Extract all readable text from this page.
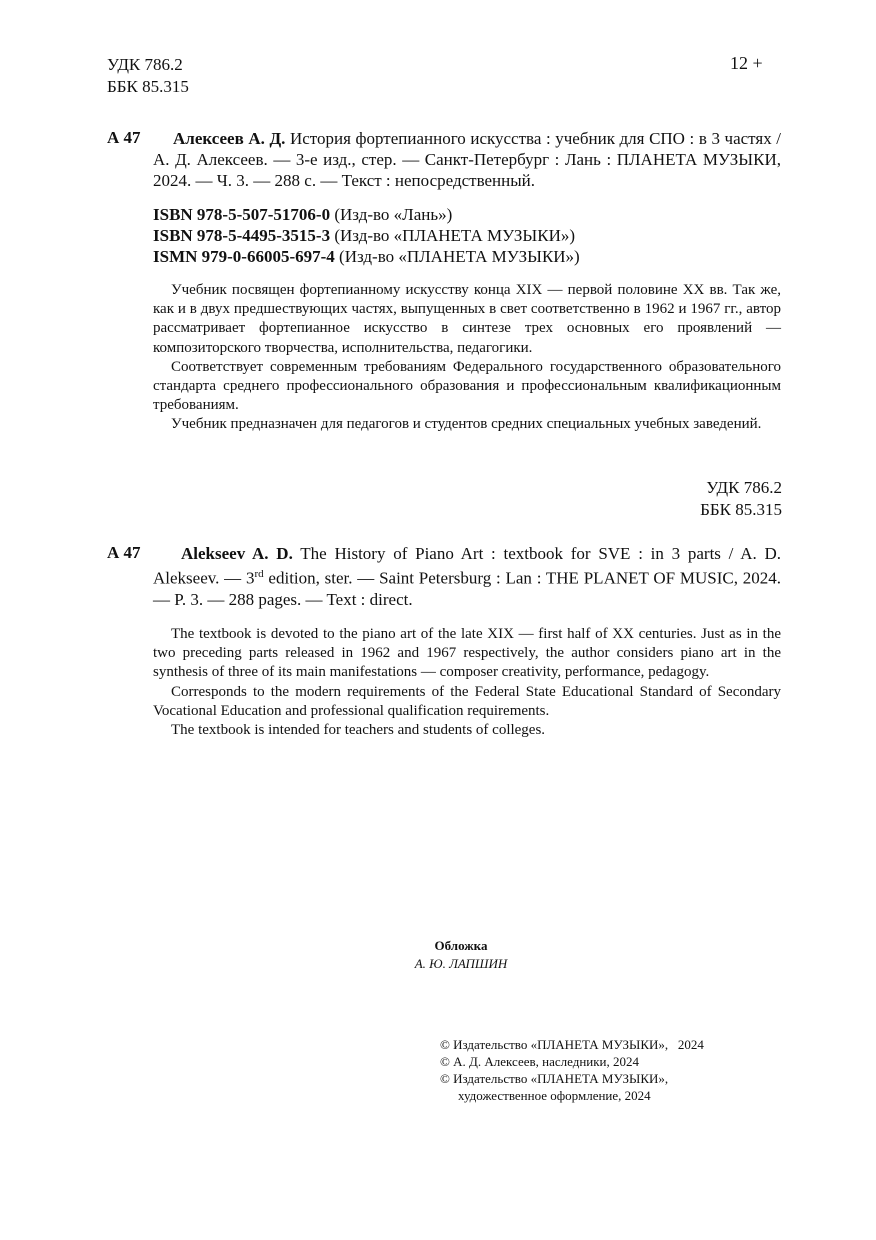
УДК 786.2
ББК 85.315
12 +
А 47	Алексеев А. Д. История фортепианного искусства : учебник для СПО : в 3 частях / А. Д. Алексеев. — 3-е изд., стер. — Санкт-Петербург : Лань : ПЛАНЕТА МУЗЫКИ, 2024. — Ч. 3. — 288 с. — Текст : непосредственный.
ISBN 978-5-507-51706-0 (Изд-во «Лань»)
ISBN 978-5-4495-3515-3 (Изд-во «ПЛАНЕТА МУЗЫКИ»)
ISMN 979-0-66005-697-4 (Изд-во «ПЛАНЕТА МУЗЫКИ»)

Учебник посвящен фортепианному искусству конца XIX — первой половине XX вв. Так же, как и в двух предшествующих частях, выпущенных в свет соответственно в 1962 и 1967 гг., автор рассматривает фортепианное искусство в синтезе трех основных его проявлений — композиторского творчества, исполнительства, педагогики.

Соответствует современным требованиям Федерального государственного образовательного стандарта среднего профессионального образования и профессиональным квалификационным требованиям.

Учебник предназначен для педагогов и студентов средних специальных учебных заведений.

УДК 786.2
ББК 85.315
А 47	Alekseev A. D. The History of Piano Art : textbook for SVE : in 3 parts / A. D. Alekseev. — 3rd edition, ster. — Saint Petersburg : Lan : THE PLANET OF MUSIC, 2024. — P. 3. — 288 pages. — Text : direct.

The textbook is devoted to the piano art of the late XIX — first half of XX centuries. Just as in the two preceding parts released in 1962 and 1967 respectively, the author considers piano art in the synthesis of three of its main manifestations — composer creativity, performance, pedagogy.

Corresponds to the modern requirements of the Federal State Educational Standard of Secondary Vocational Education and professional qualification requirements.

The textbook is intended for teachers and students of colleges.

Обложка
А. Ю. ЛАПШИН
© Издательство «ПЛАНЕТА МУЗЫКИ»,   2024
© А. Д. Алексеев, наследники, 2024
© Издательство «ПЛАНЕТА МУЗЫКИ»,
художественное оформление, 2024
